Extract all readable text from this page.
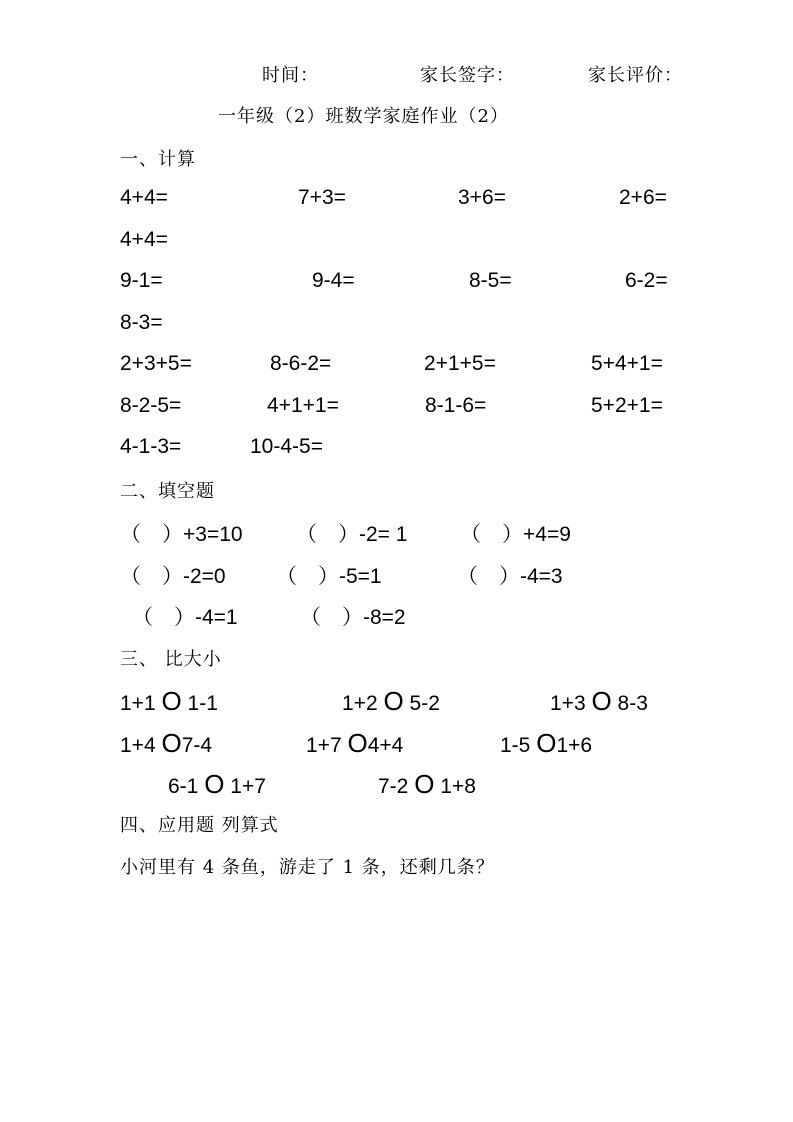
时间：	家长签字：	家长评价：
一年级（2）班数学家庭作业（2）
一、计算
4+4=	7+3=	3+6=	2+6=
4+4=
9-1=	9-4=	8-5=	6-2=
8-3=
2+3+5=	8-6-2=	2+1+5=	5+4+1=
8-2-5=	4+1+1=	8-1-6=	5+2+1=
4-1-3=	10-4-5=
二、填空题
（　）+3=10	（　）-2= 1	（　）+4=9
（　）-2=0 （　）-5=1	（　）-4=3
（　）-4=1	（　）-8=2
三、 比大小
1+1 O 1-1	1+2 O 5-2	1+3 O 8-3
1+4 O7-4	1+7 O4+4	1-5 O1+6
6-1 O 1+7	7-2 O 1+8
四、应用题 列算式
小河里有 4 条鱼，游走了 1 条，还剩几条？
